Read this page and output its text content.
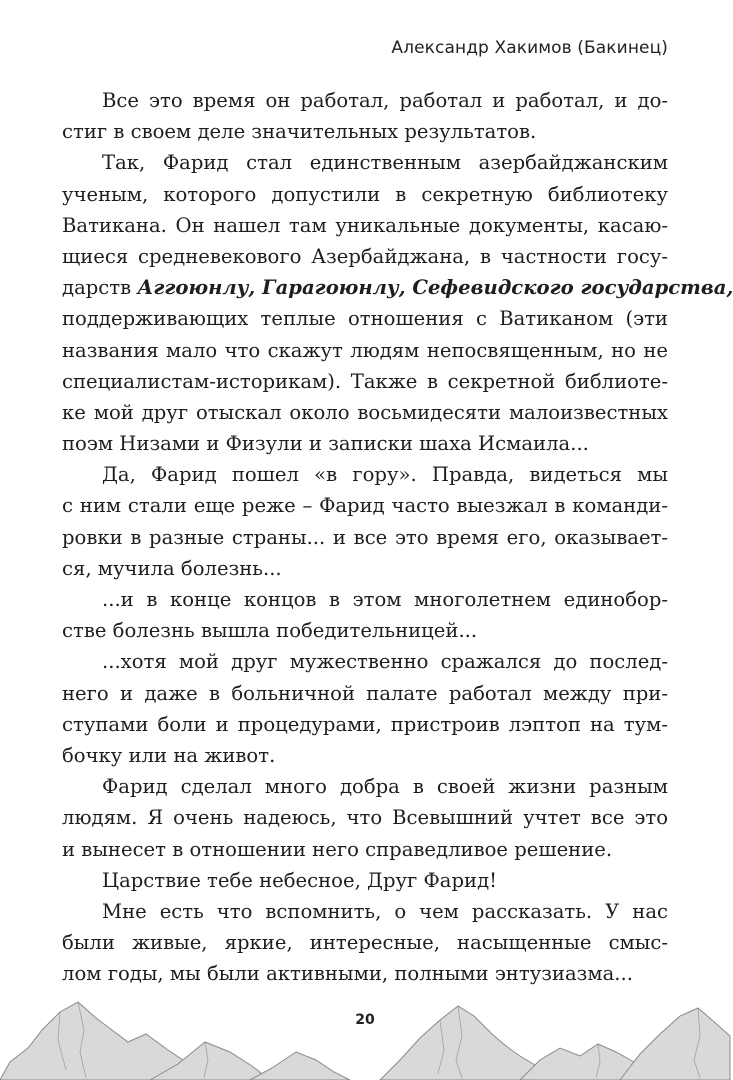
Александр Хакимов (Бакинец)
Все это время он работал, работал и работал, и до-
стиг в своем деле значительных результатов.
Так, Фарид стал единственным азербайджанским
ученым, которого допустили в секретную библиотеку
Ватикана. Он нашел там уникальные документы, касаю-
щиеся средневекового Азербайджана, в частности госу-
дарств Аггоюнлу, Гарагоюнлу, Сефевидского государства,
поддерживающих теплые отношения с Ватиканом (эти
названия мало что скажут людям непосвященным, но не
специалистам-историкам). Также в секретной библиоте-
ке мой друг отыскал около восьмидесяти малоизвестных
поэм Низами и Физули и записки шаха Исмаила...
Да, Фарид пошел «в гору». Правда, видеться мы
с ним стали еще реже – Фарид часто выезжал в команди-
ровки в разные страны... и все это время его, оказывает-
ся, мучила болезнь...
...и в конце концов в этом многолетнем единобор-
стве болезнь вышла победительницей...
...хотя мой друг мужественно сражался до послед-
него и даже в больничной палате работал между при-
ступами боли и процедурами, пристроив лэптоп на тум-
бочку или на живот.
Фарид сделал много добра в своей жизни разным
людям. Я очень надеюсь, что Всевышний учтет все это
и вынесет в отношении него справедливое решение.
Царствие тебе небесное, Друг Фарид!
Мне есть что вспомнить, о чем рассказать. У нас
были живые, яркие, интересные, насыщенные смыс-
лом годы, мы были активными, полными энтузиазма...
20
